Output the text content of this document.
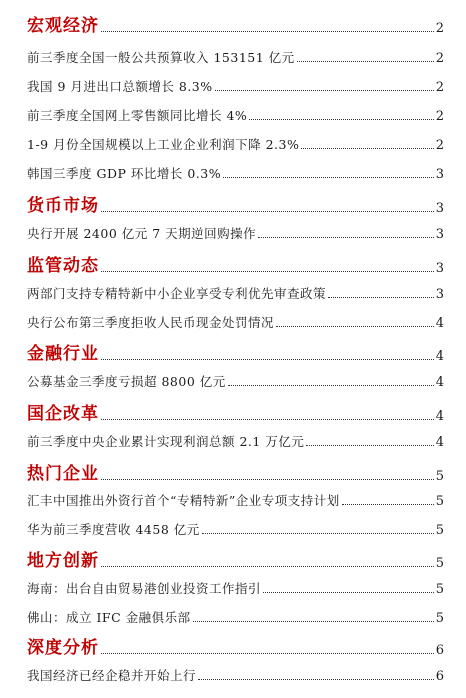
宏观经济	2
前三季度全国一般公共预算收入 153151 亿元	2
我国 9 月进出口总额增长 8.3%	2
前三季度全国网上零售额同比增长 4%	2
1-9 月份全国规模以上工业企业利润下降 2.3%	2
韩国三季度 GDP 环比增长 0.3%	3
货币市场	3
央行开展 2400 亿元 7 天期逆回购操作	3
监管动态	3
两部门支持专精特新中小企业享受专利优先审查政策	3
央行公布第三季度拒收人民币现金处罚情况	4
金融行业	4
公募基金三季度亏损超 8800 亿元	4
国企改革	4
前三季度中央企业累计实现利润总额 2.1 万亿元	4
热门企业	5
汇丰中国推出外资行首个“专精特新”企业专项支持计划	5
华为前三季度营收 4458 亿元	5
地方创新	5
海南：出台自由贸易港创业投资工作指引	5
佛山：成立 IFC 金融俱乐部	5
深度分析	6
我国经济已经企稳并开始上行	6
